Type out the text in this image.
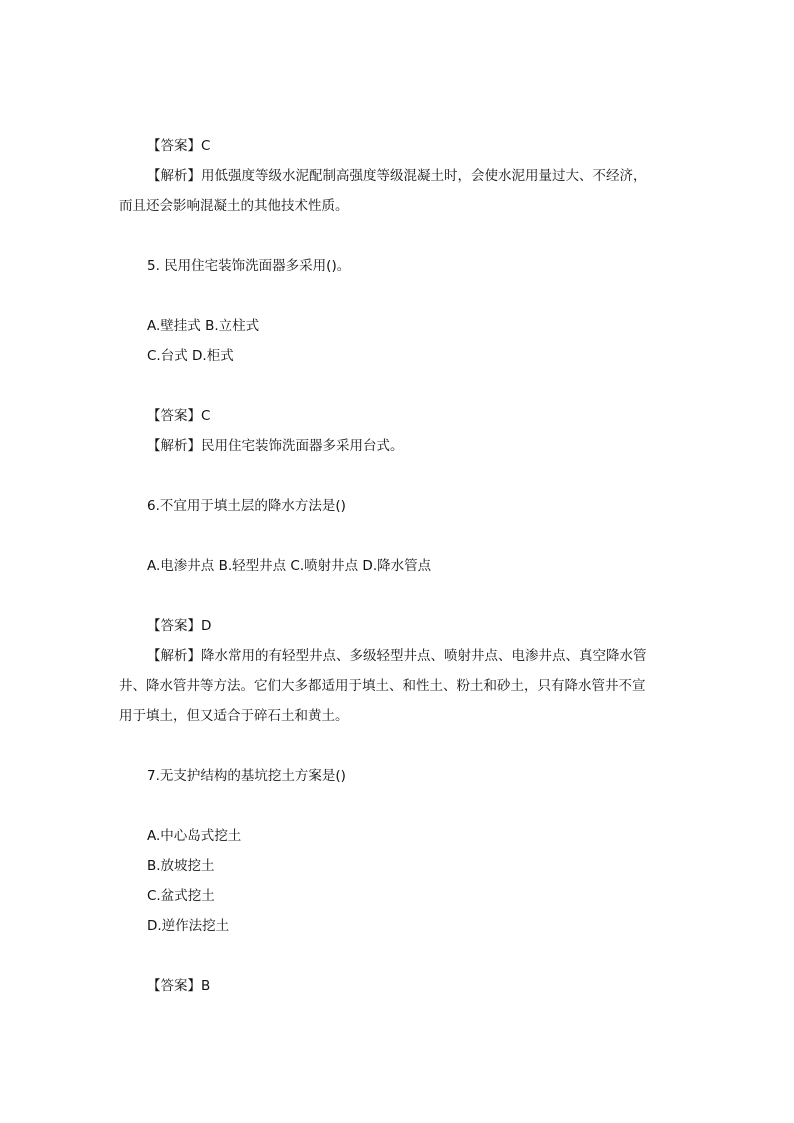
【答案】C
【解析】用低强度等级水泥配制高强度等级混凝土时，会使水泥用量过大、不经济，
而且还会影响混凝土的其他技术性质。
5. 民用住宅装饰洗面器多采用()。
A.壁挂式 B.立柱式
C.台式 D.柜式
【答案】C
【解析】民用住宅装饰洗面器多采用台式。
6.不宜用于填土层的降水方法是()
A.电渗井点 B.轻型井点 C.喷射井点 D.降水管点
【答案】D
【解析】降水常用的有轻型井点、多级轻型井点、喷射井点、电渗井点、真空降水管
井、降水管井等方法。它们大多都适用于填土、和性土、粉土和砂土，只有降水管井不宣
用于填土，但又适合于碎石土和黄土。
7.无支护结构的基坑挖土方案是()
A.中心岛式挖土
B.放坡挖土
C.盆式挖土
D.逆作法挖土
【答案】B
